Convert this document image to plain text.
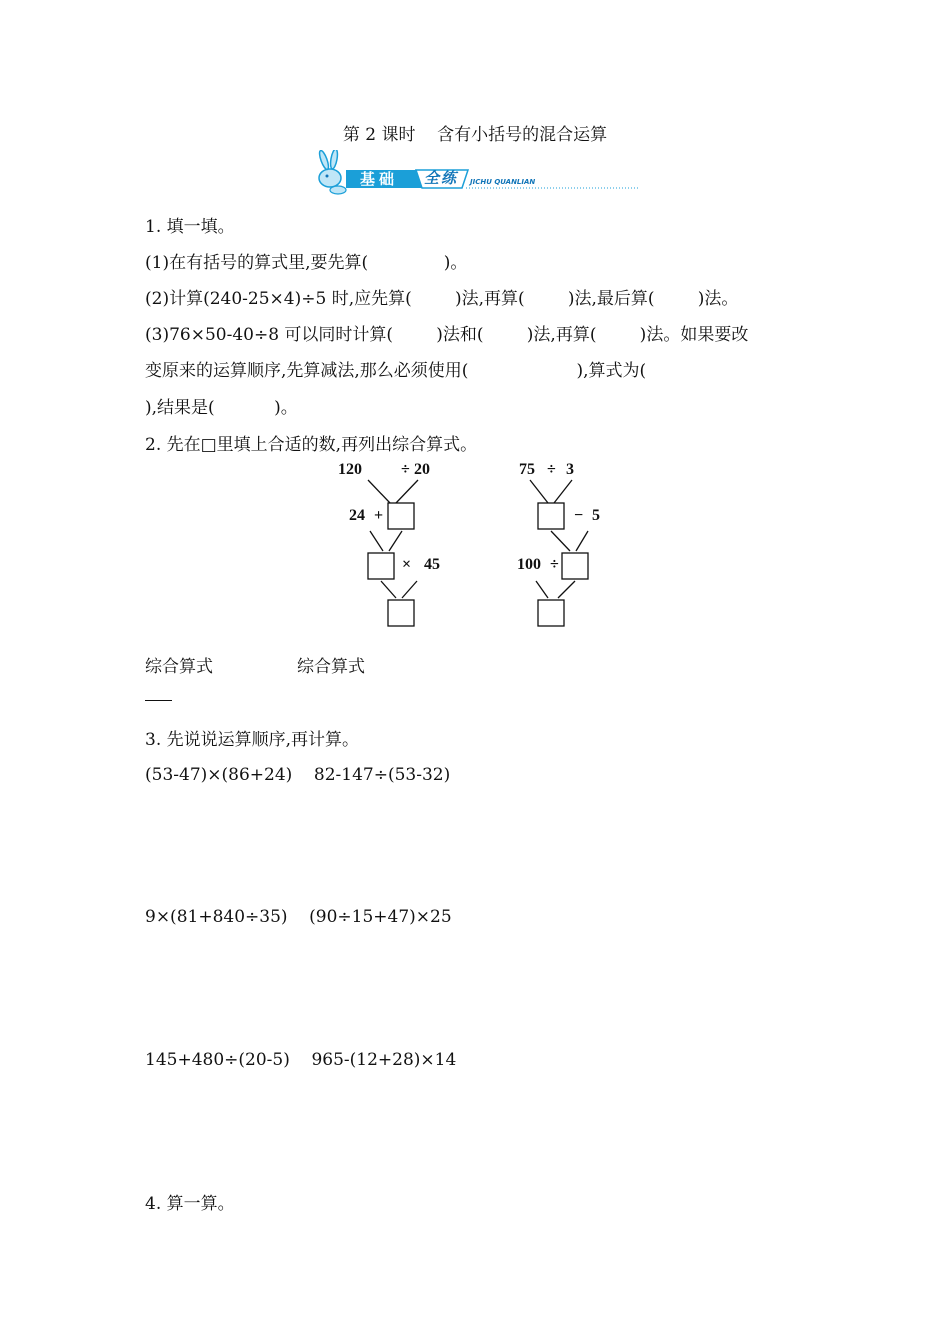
第 2 课时    含有小括号的混合运算
基础 全练 JICHU QUANLIAN
1. 填一填。
(1)在有括号的算式里,要先算(              )。
(2)计算(240-25×4)÷5 时,应先算(        )法,再算(        )法,最后算(        )法。
(3)76×50-40÷8 可以同时计算(        )法和(        )法,再算(        )法。如果要改
变原来的运算顺序,先算减法,那么必须使用(                    ),算式为(
),结果是(           )。
2. 先在□里填上合适的数,再列出综合算式。
120 ÷ 20
24 +
× 45
75 ÷ 3
− 5
100 ÷
综合算式	综合算式
3. 先说说运算顺序,再计算。
(53-47)×(86+24)    82-147÷(53-32)
9×(81+840÷35)    (90÷15+47)×25
145+480÷(20-5)    965-(12+28)×14
4. 算一算。
